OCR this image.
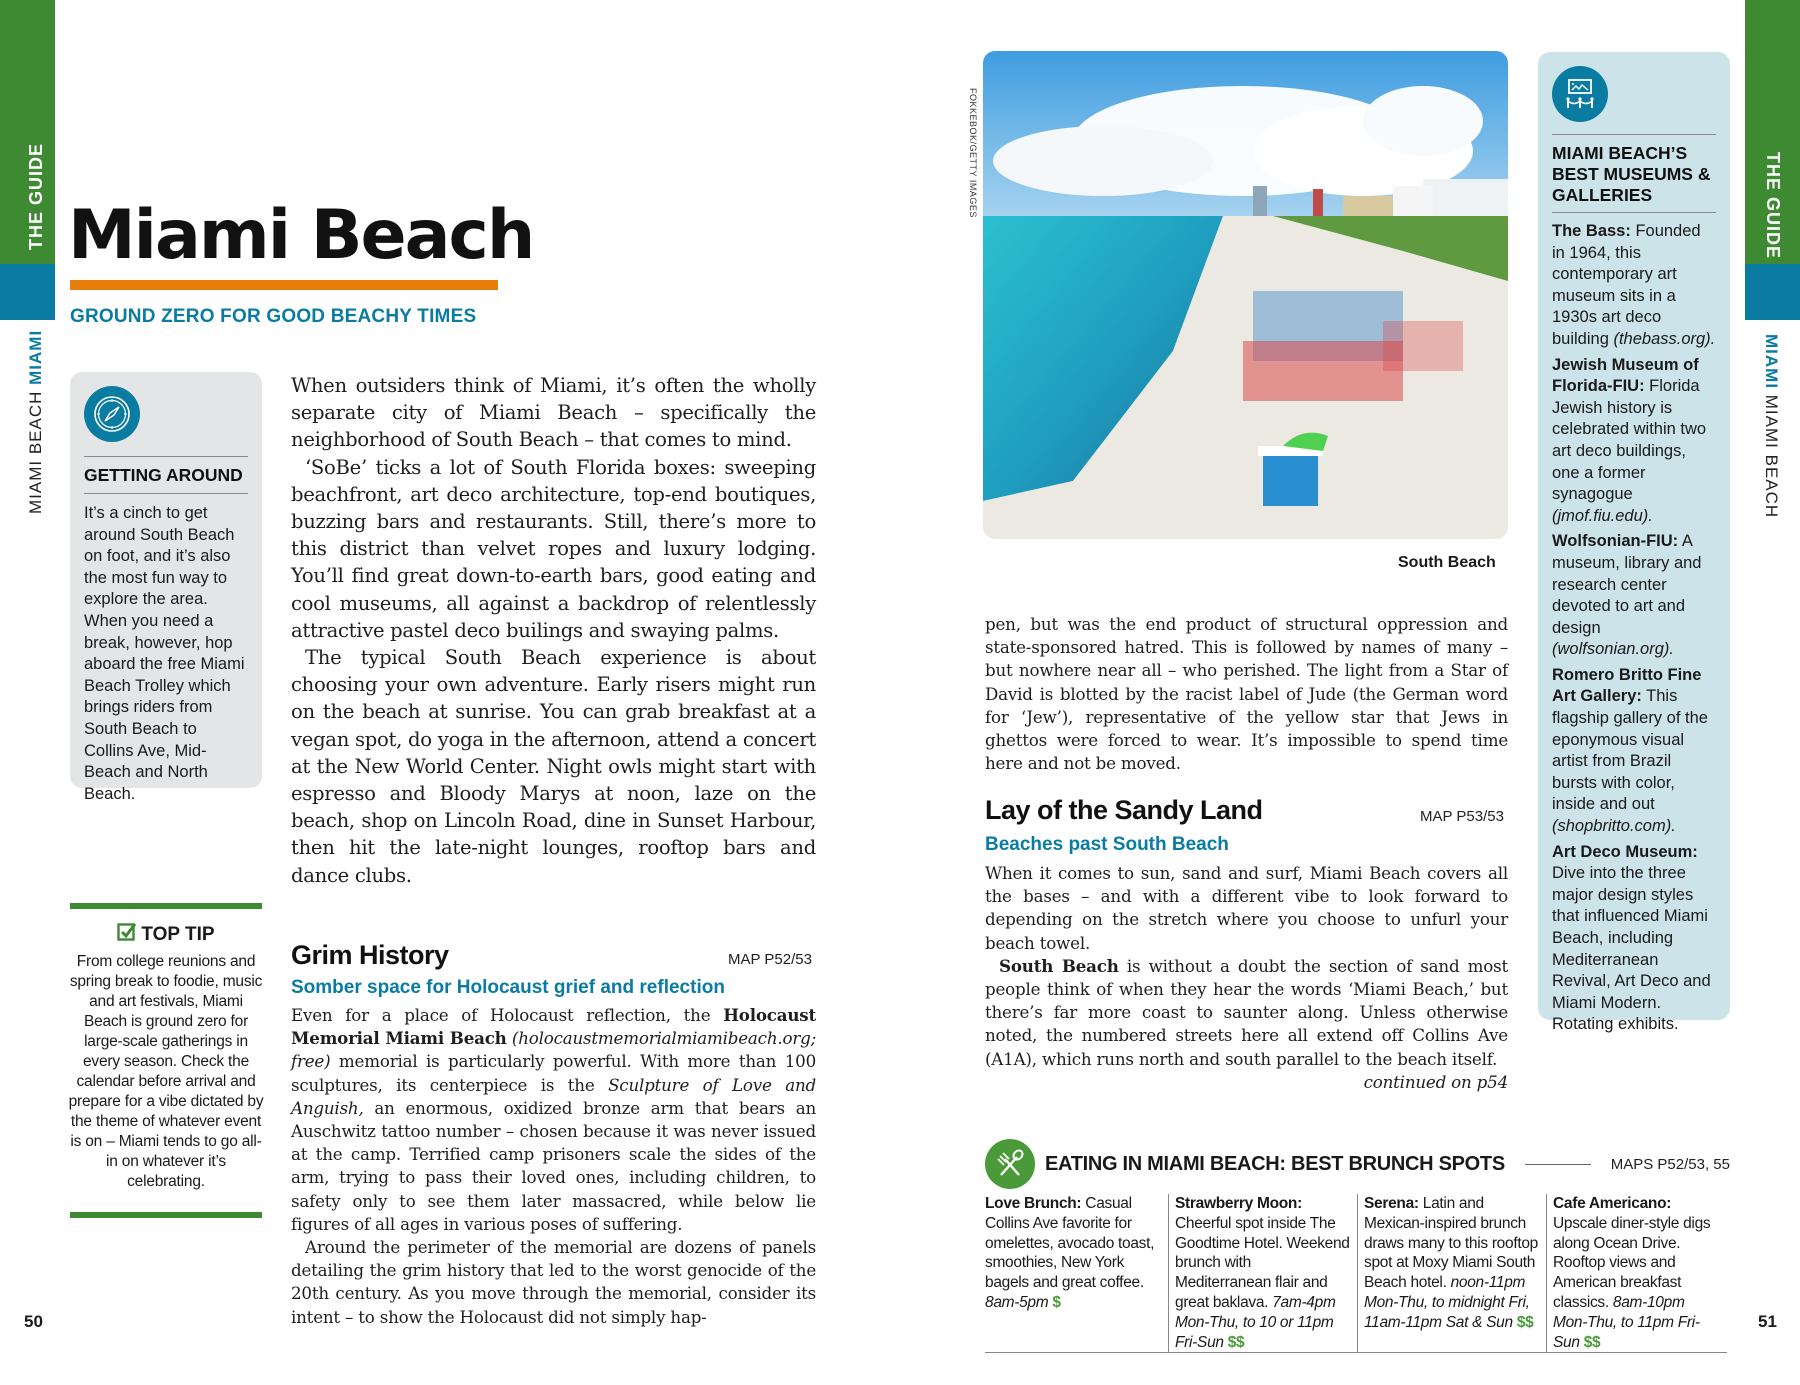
THE GUIDE
MIAMI BEACH MIAMI
Miami Beach
GROUND ZERO FOR GOOD BEACHY TIMES
GETTING AROUND
It’s a cinch to get around South Beach on foot, and it’s also the most fun way to explore the area. When you need a break, however, hop aboard the free Miami Beach Trolley which brings riders from South Beach to Collins Ave, Mid-Beach and North Beach.
TOP TIP
From college reunions and spring break to foodie, music and art festivals, Miami Beach is ground zero for large-scale gatherings in every season. Check the calendar before arrival and prepare for a vibe dictated by the theme of whatever event is on – Miami tends to go all-in on whatever it’s celebrating.

When outsiders think of Miami, it’s often the wholly separate city of Miami Beach – specifically the neighborhood of South Beach – that comes to mind.

‘SoBe’ ticks a lot of South Florida boxes: sweeping beachfront, art deco architecture, top-end boutiques, buzzing bars and restaurants. Still, there’s more to this district than velvet ropes and luxury lodging. You’ll find great down-to-earth bars, good eating and cool museums, all against a backdrop of relentlessly attractive pastel deco builings and swaying palms.

The typical South Beach experience is about choosing your own adventure. Early risers might run on the beach at sunrise. You can grab breakfast at a vegan spot, do yoga in the afternoon, attend a concert at the New World Center. Night owls might start with espresso and Bloody Marys at noon, laze on the beach, shop on Lincoln Road, dine in Sunset Harbour, then hit the late-night lounges, rooftop bars and dance clubs.

Grim History	MAP P52/53
Somber space for Holocaust grief and reflection

Even for a place of Holocaust reflection, the Holocaust Memorial Miami Beach (holocaustmemorialmiamibeach.org; free) memorial is particularly powerful. With more than 100 sculptures, its centerpiece is the Sculpture of Love and Anguish, an enormous, oxidized bronze arm that bears an Auschwitz tattoo number – chosen because it was never issued at the camp. Terrified camp prisoners scale the sides of the arm, trying to pass their loved ones, including children, to safety only to see them later massacred, while below lie figures of all ages in various poses of suffering.

Around the perimeter of the memorial are dozens of panels detailing the grim history that led to the worst genocide of the 20th century. As you move through the memorial, consider its intent – to show the Holocaust did not simply hap-

50
FOKKEBOK/GETTY IMAGES
South Beach

pen, but was the end product of structural oppression and state-sponsored hatred. This is followed by names of many – but nowhere near all – who perished. The light from a Star of David is blotted by the racist label of Jude (the German word for ‘Jew’), representative of the yellow star that Jews in ghettos were forced to wear. It’s impossible to spend time here and not be moved.

Lay of the Sandy Land	MAP P53/53
Beaches past South Beach

When it comes to sun, sand and surf, Miami Beach covers all the bases – and with a different vibe to look forward to depending on the stretch where you choose to unfurl your beach towel.

South Beach is without a doubt the section of sand most people think of when they hear the words ‘Miami Beach,’ but there’s far more coast to saunter along. Unless otherwise noted, the numbered streets here all extend off Collins Ave (A1A), which runs north and south parallel to the beach itself.

continued on p54

MIAMI BEACH’S BEST MUSEUMS & GALLERIES

The Bass: Founded in 1964, this contemporary art museum sits in a 1930s art deco building (thebass.org).

Jewish Museum of Florida-FIU: Florida Jewish history is celebrated within two art deco buildings, one a former synagogue (jmof.fiu.edu).

Wolfsonian-FIU: A museum, library and research center devoted to art and design (wolfsonian.org).

Romero Britto Fine Art Gallery: This flagship gallery of the eponymous visual artist from Brazil bursts with color, inside and out (shopbritto.com).

Art Deco Museum: Dive into the three major design styles that influenced Miami Beach, including Mediterranean Revival, Art Deco and Miami Modern. Rotating exhibits.

EATING IN MIAMI BEACH: BEST BRUNCH SPOTS	MAPS P52/53, 55
Love Brunch: Casual Collins Ave favorite for omelettes, avocado toast, smoothies, New York bagels and great coffee. 8am-5pm $
Strawberry Moon: Cheerful spot inside The Goodtime Hotel. Weekend brunch with Mediterranean flair and great baklava. 7am-4pm Mon-Thu, to 10 or 11pm Fri-Sun $$
Serena: Latin and Mexican-inspired brunch draws many to this rooftop spot at Moxy Miami South Beach hotel. noon-11pm Mon-Thu, to midnight Fri, 11am-11pm Sat & Sun $$
Cafe Americano: Upscale diner-style digs along Ocean Drive. Rooftop views and American breakfast classics. 8am-10pm Mon-Thu, to 11pm Fri-Sun $$
51
THE GUIDE
MIAMI MIAMI BEACH
